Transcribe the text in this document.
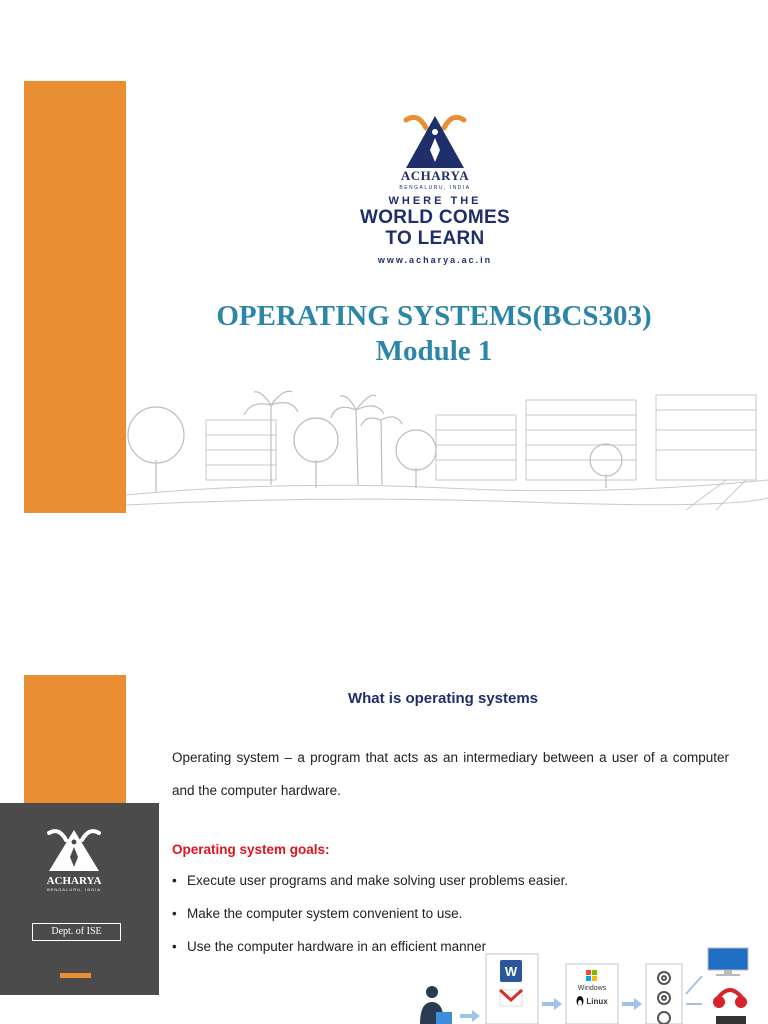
ACHARYA
BENGALURU, INDIA
WHERE THE
WORLD COMES
TO LEARN
www.acharya.ac.in
OPERATING SYSTEMS(BCS303)
Module 1
ACHARYA
BENGALURU, INDIA
Dept. of ISE
What is operating systems
Operating system – a program that acts as an intermediary between a user of a computer and the computer hardware.
Operating system goals:
• Execute user programs and make solving user problems easier.
• Make the computer system convenient to use.
• Use the computer hardware in an efficient manner
W
Windows
Linux
